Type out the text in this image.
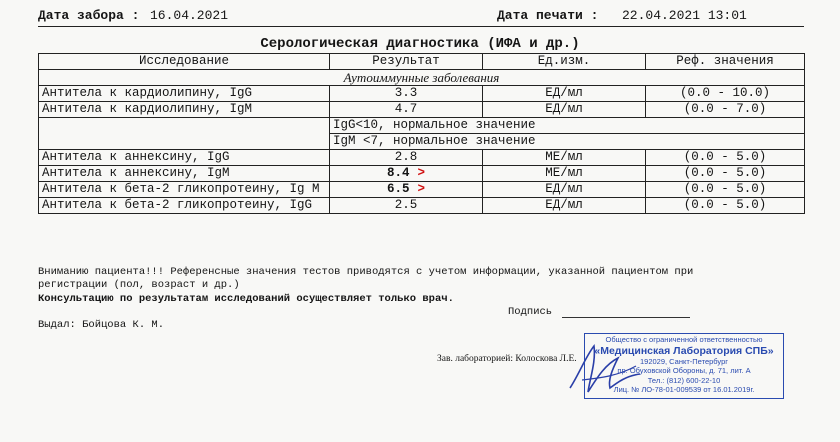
Дата забора : 16.04.2021	Дата печати : 22.04.2021 13:01
Серологическая диагностика (ИФА и др.)
Исследование	Результат	Ед.изм.	Реф. значения
Аутоиммунные заболевания			
Антитела к кардиолипину, IgG	3.3	ЕД/мл	(0.0 - 10.0)
Антитела к кардиолипину, IgM	4.7	ЕД/мл	(0.0 - 7.0)
	IgG<10, нормальное значение		
	IgM <7, нормальное значение		
Антитела к аннексину, IgG	2.8	МЕ/мл	(0.0 - 5.0)
Антитела к аннексину, IgM	8.4 >	МЕ/мл	(0.0 - 5.0)
Антитела к бета-2 гликопротеину, Ig M	6.5 >	ЕД/мл	(0.0 - 5.0)
Антитела к бета-2 гликопротеину, IgG	2.5	ЕД/мл	(0.0 - 5.0)
Вниманию пациента!!! Референсные значения тестов приводятся с учетом информации, указанной пациентом при регистрации (пол, возраст и др.)
Консультацию по результатам исследований осуществляет только врач.
Подпись
Выдал: Бойцова К. М.
Зав. лабораторией: Колоскова Л.Е.
Общество с ограниченной ответственностью
«Медицинская Лаборатория СПБ»
192029, Санкт-Петербург
пр. Обуховской Обороны, д. 71, лит. А
Тел.: (812) 600-22-10
Лиц. № ЛО-78-01-009539 от 16.01.2019г.
